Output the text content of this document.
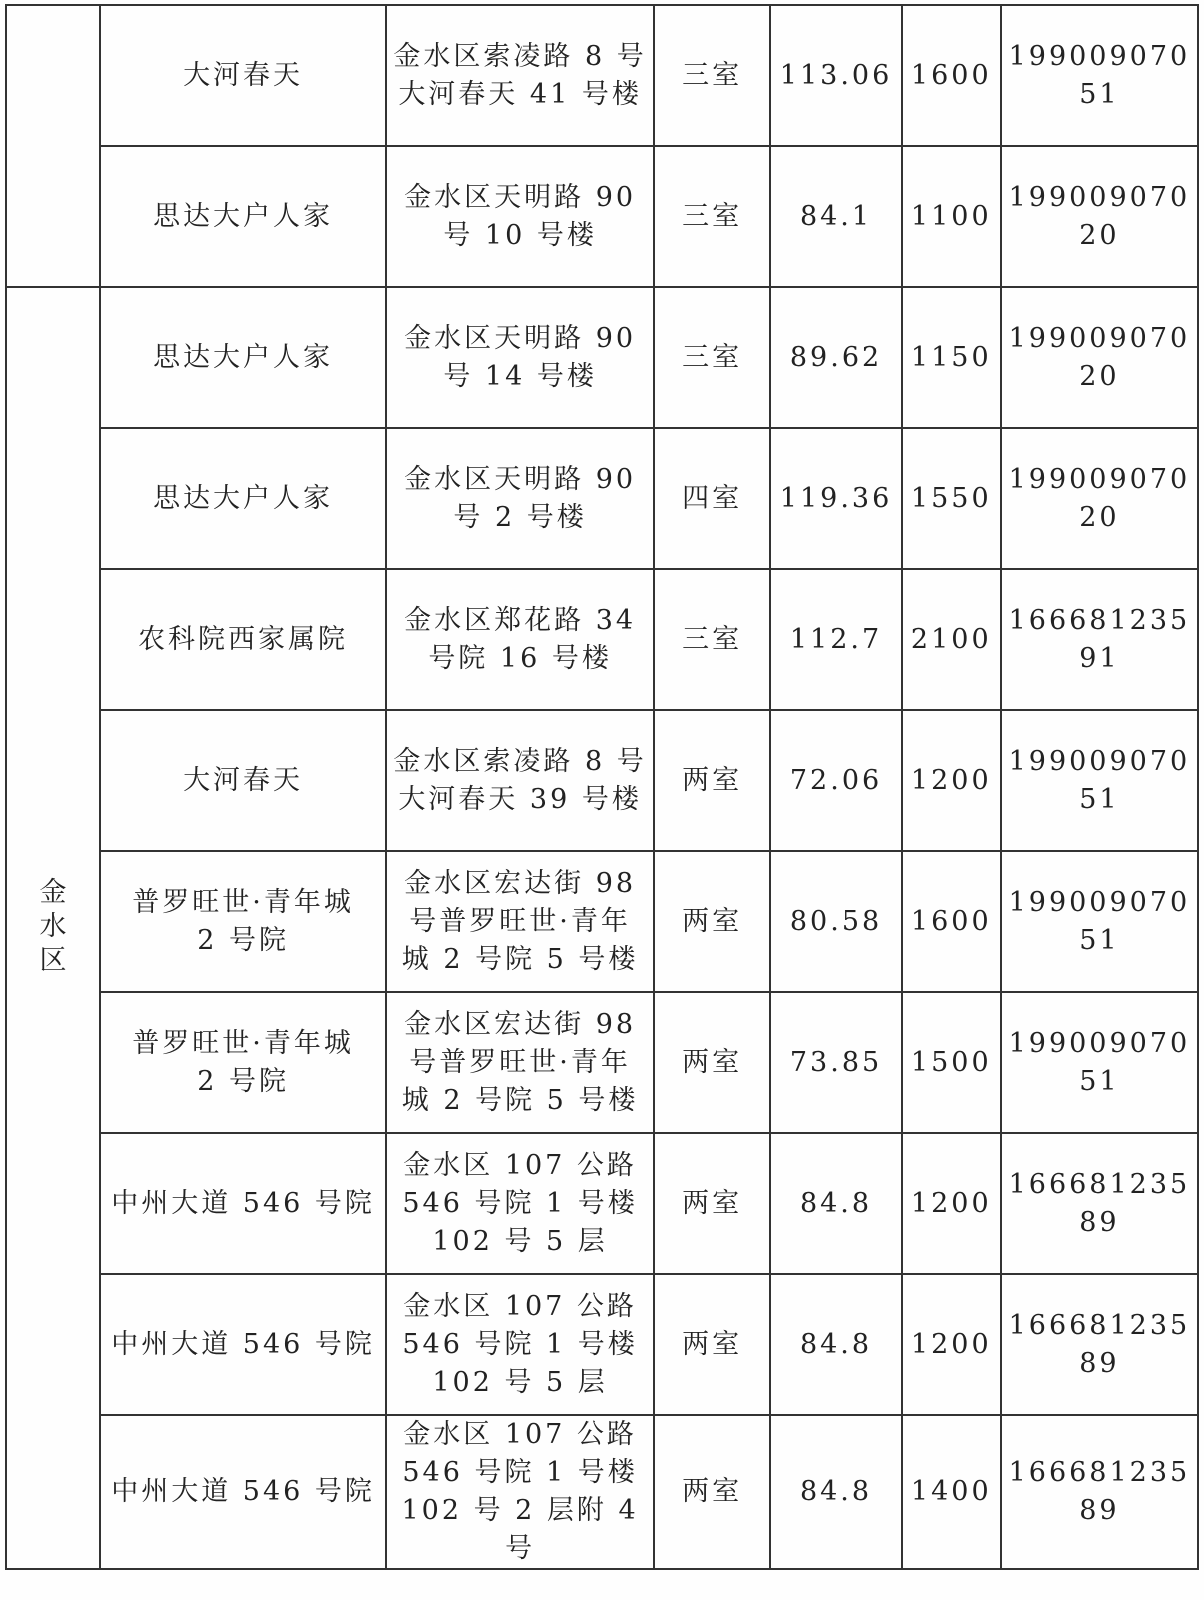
	大河春天	金水区索凌路 8 号
大河春天 41 号楼	三室	113.06	1600	19900907051
	思达大户人家	金水区天明路 90
号 10 号楼	三室	84.1	1100	19900907020
金水区	思达大户人家	金水区天明路 90
号 14 号楼	三室	89.62	1150	19900907020
	思达大户人家	金水区天明路 90
号 2 号楼	四室	119.36	1550	19900907020
	农科院西家属院	金水区郑花路 34
号院 16 号楼	三室	112.7	2100	16668123591
	大河春天	金水区索凌路 8 号
大河春天 39 号楼	两室	72.06	1200	19900907051

	普罗旺世·青年城
2 号院	金水区宏达街 98
号普罗旺世·青年
城 2 号院 5 号楼	两室	80.58	1600	19900907051

	普罗旺世·青年城
2 号院	金水区宏达街 98
号普罗旺世·青年
城 2 号院 5 号楼	两室	73.85	1500	19900907051
	中州大道 546 号院	金水区 107 公路
546 号院 1 号楼
102 号 5 层	两室	84.8	1200	16668123589
	中州大道 546 号院	金水区 107 公路
546 号院 1 号楼
102 号 5 层	两室	84.8	1200	16668123589
	中州大道 546 号院	金水区 107 公路
546 号院 1 号楼
102 号 2 层附 4 号	两室	84.8	1400	16668123589
